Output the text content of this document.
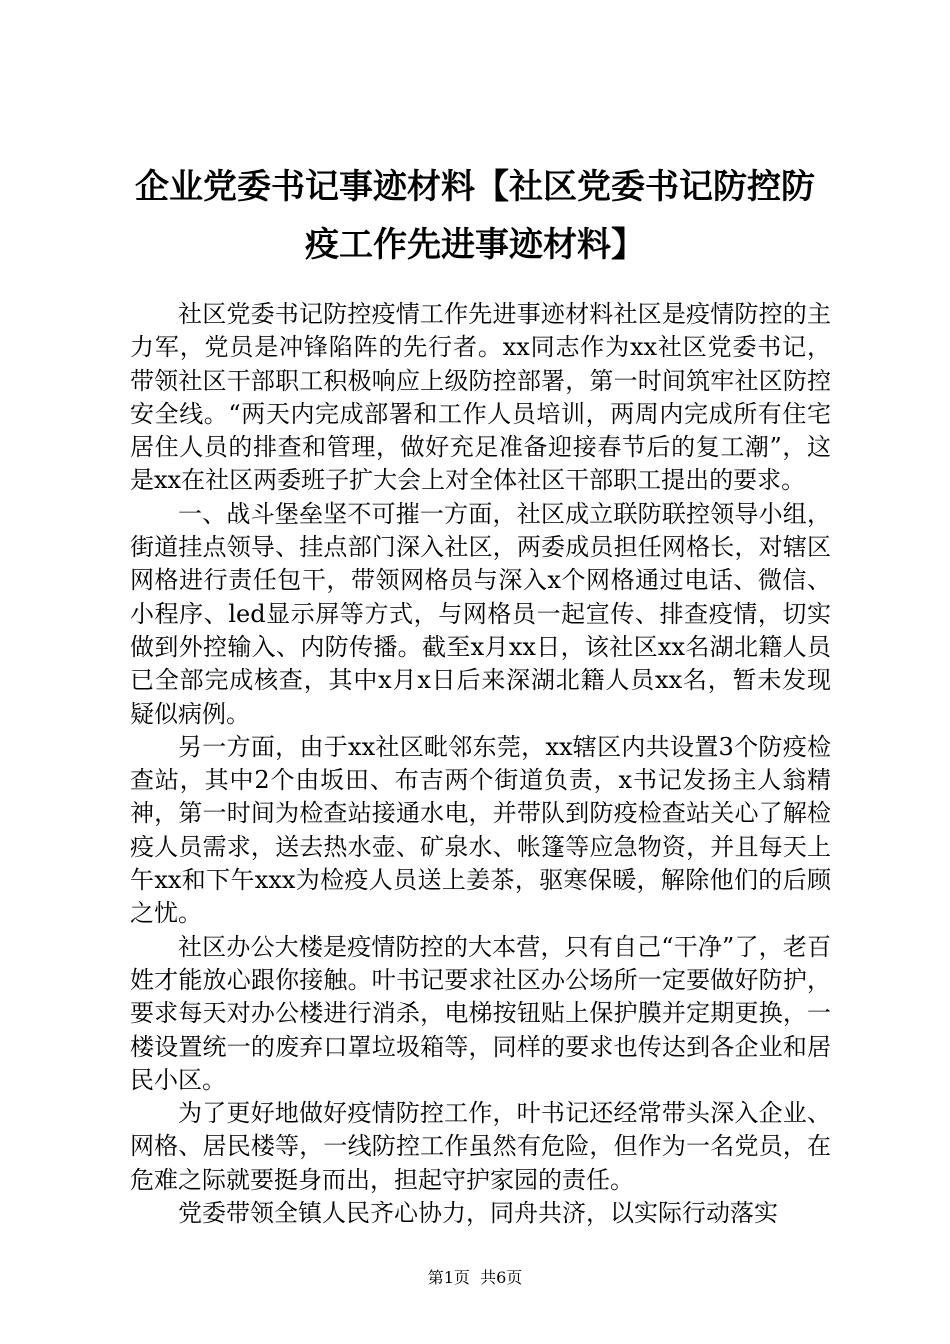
企业党委书记事迹材料【社区党委书记防控防疫工作先进事迹材料】

社区党委书记防控疫情工作先进事迹材料社区是疫情防控的主力军，党员是冲锋陷阵的先行者。xx同志作为xx社区党委书记，带领社区干部职工积极响应上级防控部署，第一时间筑牢社区防控安全线。“两天内完成部署和工作人员培训，两周内完成所有住宅居住人员的排查和管理，做好充足准备迎接春节后的复工潮”，这是xx在社区两委班子扩大会上对全体社区干部职工提出的要求。

一、战斗堡垒坚不可摧一方面，社区成立联防联控领导小组，街道挂点领导、挂点部门深入社区，两委成员担任网格长，对辖区网格进行责任包干，带领网格员与深入x个网格通过电话、微信、小程序、led显示屏等方式，与网格员一起宣传、排查疫情，切实做到外控输入、内防传播。截至x月xx日，该社区xx名湖北籍人员已全部完成核查，其中x月x日后来深湖北籍人员xx名，暂未发现疑似病例。

另一方面，由于xx社区毗邻东莞，xx辖区内共设置3个防疫检查站，其中2个由坂田、布吉两个街道负责，x书记发扬主人翁精神，第一时间为检查站接通水电，并带队到防疫检查站关心了解检疫人员需求，送去热水壶、矿泉水、帐篷等应急物资，并且每天上午xx和下午xxx为检疫人员送上姜茶，驱寒保暖，解除他们的后顾之忧。

社区办公大楼是疫情防控的大本营，只有自己“干净”了，老百姓才能放心跟你接触。叶书记要求社区办公场所一定要做好防护，要求每天对办公楼进行消杀，电梯按钮贴上保护膜并定期更换，一楼设置统一的废弃口罩垃圾箱等，同样的要求也传达到各企业和居民小区。

为了更好地做好疫情防控工作，叶书记还经常带头深入企业、网格、居民楼等，一线防控工作虽然有危险，但作为一名党员，在危难之际就要挺身而出，担起守护家园的责任。

党委带领全镇人民齐心协力，同舟共济，以实际行动落实

第1页  共6页
